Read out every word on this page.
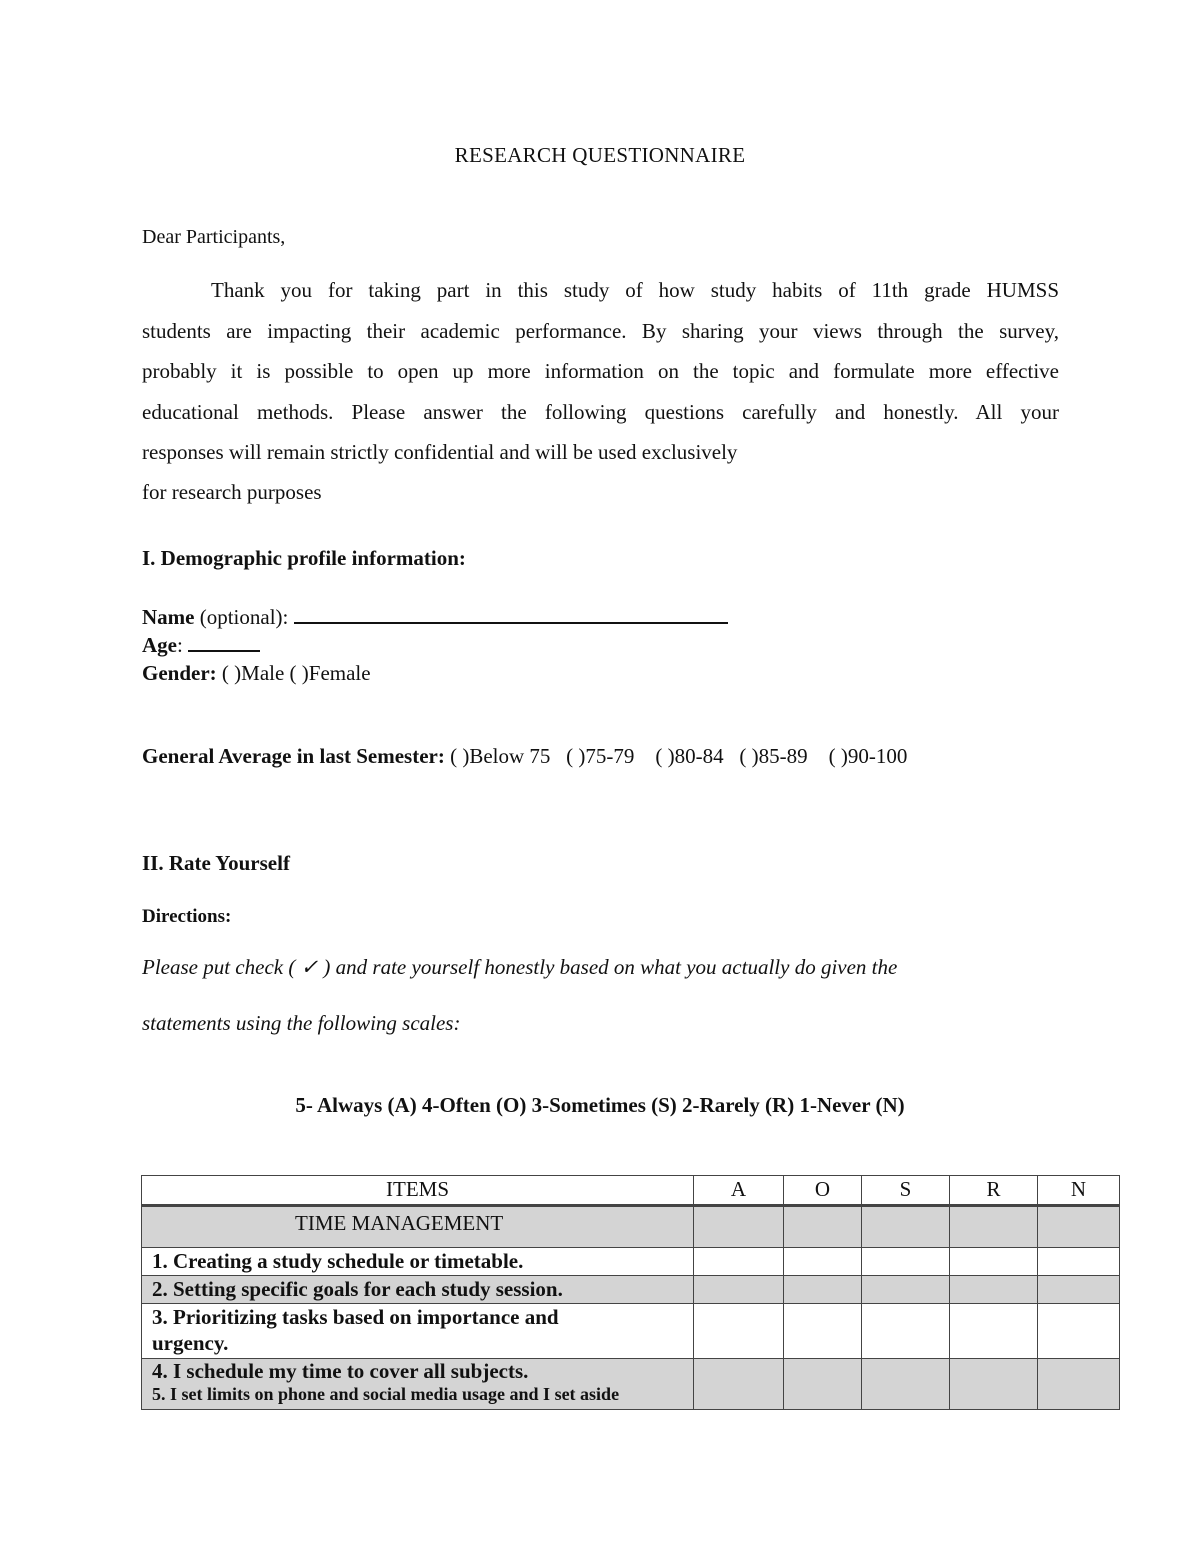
RESEARCH QUESTIONNAIRE

Dear Participants,

Thank you for taking part in this study of how study habits of 11th grade HUMSS
students are impacting their academic performance. By sharing your views through the survey,
probably it is possible to open up more information on the topic and formulate more effective
educational methods. Please answer the following questions carefully and honestly. All your
responses will remain strictly confidential and will be used exclusively
for research purposes
I. Demographic profile information:
Name (optional):
Age:
Gender: ( )Male ( )Female
General Average in last Semester: ( )Below 75   ( )75-79    ( )80-84   ( )85-89    ( )90-100
II. Rate Yourself

Directions:

Please put check ( ✓ ) and rate yourself honestly based on what you actually do given the

statements using the following scales:

5- Always (A) 4-Often (O) 3-Sometimes (S) 2-Rarely (R) 1-Never (N)

ITEMS	A	O	S	R	N
TIME MANAGEMENT					
1. Creating a study schedule or timetable.					
2. Setting specific goals for each study session.					
3. Prioritizing tasks based on importance and urgency.					

4. I schedule my time to cover all subjects.
5. I set limits on phone and social media usage and I set aside					
